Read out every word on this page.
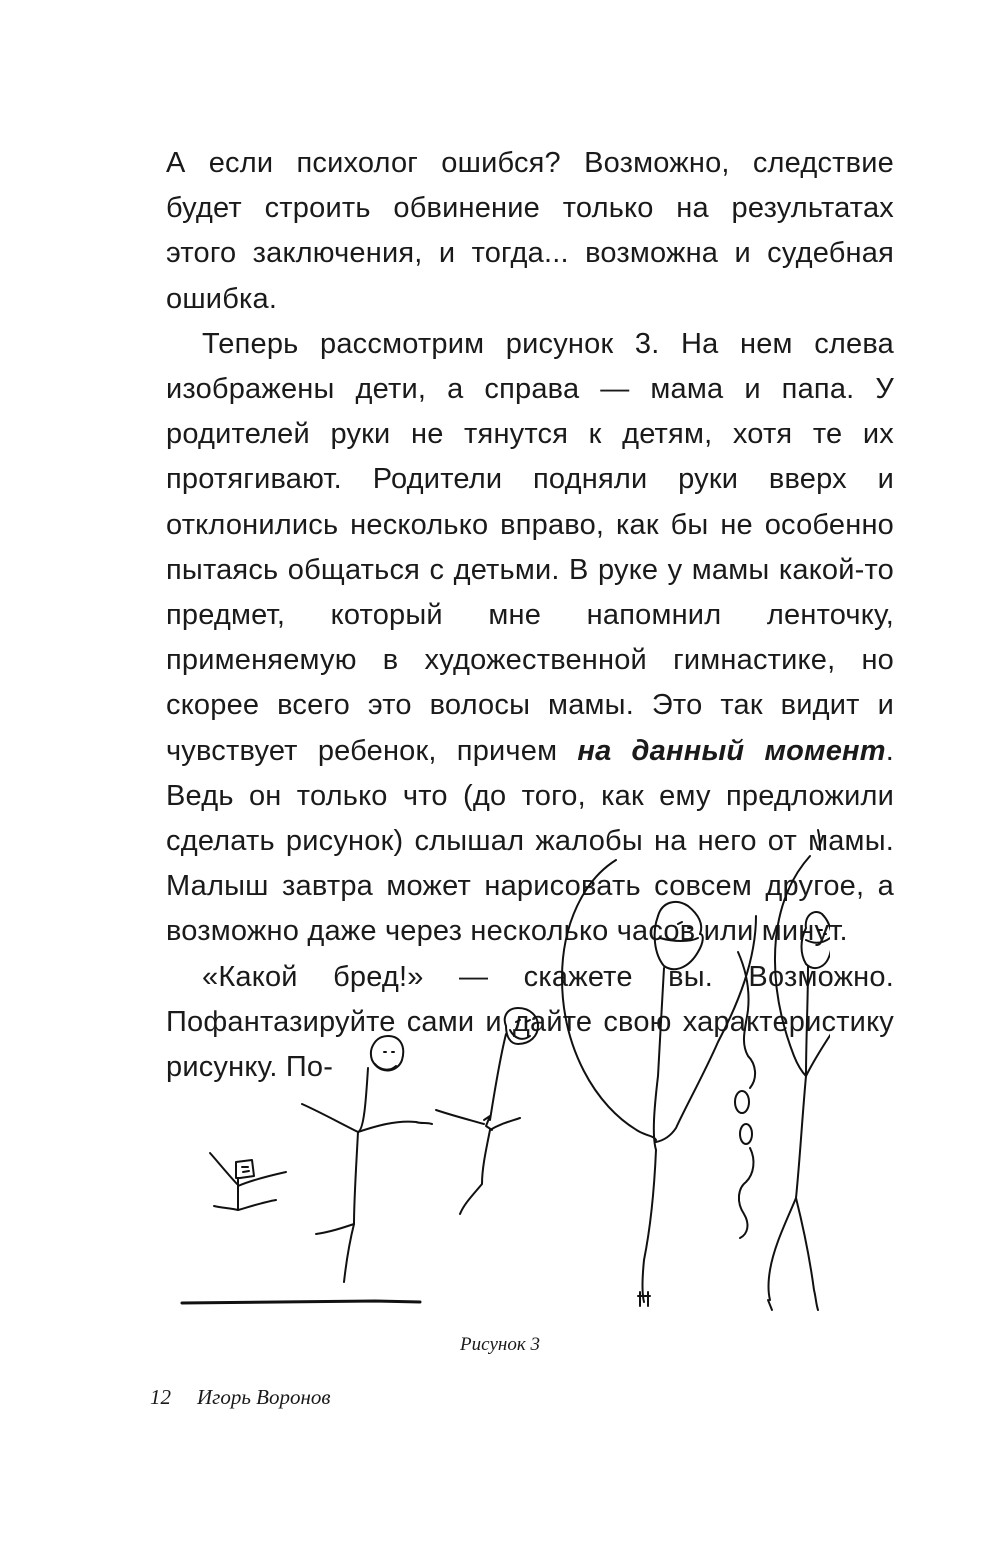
А если психолог ошибся? Возможно, следствие будет строить обвинение только на результатах этого заключения, и тогда... возможна и судебная ошибка.

Теперь рассмотрим рисунок 3. На нем слева изображены дети, а справа — мама и папа. У родителей руки не тянутся к детям, хотя те их протягивают. Родители подняли руки вверх и отклонились несколько вправо, как бы не особенно пытаясь общаться с детьми. В руке у мамы какой-то предмет, который мне напомнил ленточку, применяемую в художественной гимнастике, но скорее всего это волосы мамы. Это так видит и чувствует ребенок, причем на данный момент. Ведь он только что (до того, как ему предложили сделать рисунок) слышал жалобы на него от мамы. Малыш завтра может нарисовать совсем другое, а возможно даже через несколько часов или минут.

«Какой бред!» — скажете вы. Возможно. Пофантазируйте сами и дайте свою характеристику рисунку. По-

Рисунок 3
12 Игорь Воронов
